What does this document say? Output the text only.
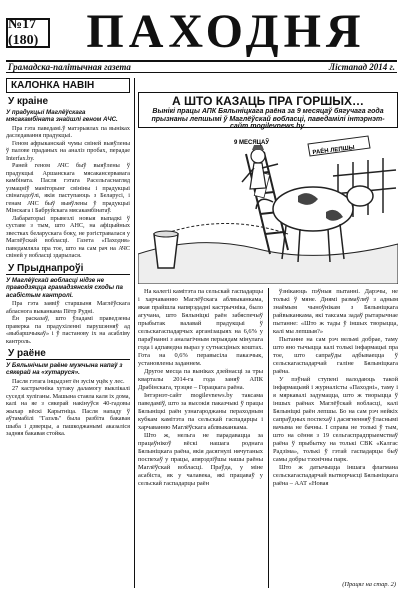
№17 (180)	ПАХОДНЯ
Грамадска-палітычная газета	Лістапад 2014 г.
КАЛОНКА НАВІН
У краіне
У прадукцыі Маглёўскага мясакамбіната знайшлі геном АЧС.

Пра гэта паведамі.ў матэрыялах па выніках даследавання прадукцыі.

Геном афрыканскай чумы свіней выяўлены ў палове праданых на аналіз пробах, перадае Interfax.by.

Раней геном АЧС быў выяўлены ў прадукцыі Аршанскага мясакансервавага камбіната. Пасля гэтага Расельгаснагляд узмацніў маніторынг свініны і прадукцыі свінагадоўлі, якія паступаюць з Беларусі, і генам АЧС быў выяўлены ў прадукцыі Мінскага і Бабруйскага мясакамбінатаў.

Лабараторыі прывезлі новыя выпадкі ў суставе з тым, што АНС, на афіцыйных звестках беларускага боку, не рэгістравалася у Маглёўскай вобласці. Газета «Паходня» паведамляла пра тое, што на сам рач на АЧС свіней у вобласці здарылася.

У Прыднапроўі
У Маглёўскай вобласці нідзе не праводзяцца грамадзянскія сходы па асабістым кантролі.

Пра гэта заявіў старшыня Маглёўскага абласнога выканкама Пётр Рудні.

Ён расказаў, што ўладамі праведзены праверка па прадухіленні парушэнняў ад «выбаршчыкаў» і ў пастанову іх на асабліву кантроль.

У раёне
У Бялынічым раёне мужчына напаў з сякерай на «хутаруся».

Пасля гэтага інцыдэнт ён зусім уцёк у лес.

27 кастрычніка хутаку даламогу выклікалі суседзі хуліганы. Машына стаяла каля іх дома, калі на яе з сякерай накінуўся 40-гадовы жыхар вёскі Карытніца. Пасля нападу ў аўтамабілі "Газэль" была разбіта бакавая шыба і дзверцы, а пашкоджанымі аказаліся задняя бакавая стойка.

РАЁН ЛЕПШЫ
9 МЕСЯЦАЎ
А ШТО КАЗАЦЬ ПРА ГОРШЫХ…
Вынікі працы АПК Бялыніцкага раёна за 9 месяцаў бягучага года прызнаны лепшымі ў Маглёўскай вобласці, паведамілі інтэрнэт-сайт mogilevnews.by.

На калегіі камітэта па сельскай гаспадарцы і харчаванню Маглёўскага аблвыканкама, якая прайшла напярэдадні кастрычніка, было агучана, што Бялыніцкі раён забяспечыў прыбытак валавай прадукцыі ў сельскагаспадарчых арганізацыях на 6,6% у параўнанні з аналагічным перыядам мінулага года і адпаведна выраз у сутнасціных коштах. Гота на 0,6% перавысіла паказчык, установлены заданнем.

Другое месца па выніках дзейнасці за тры кварталы 2014-га года заняў АПК Драбінскага, трэцяе – Горацкага раёна.

Інтэрнэт-сайт mogilevnews.by таксама паведаміў, што за высокія паказчыкі ў працы Бялыніцкі раён узнагароджаны пераходным кубкам камітэта па сельскай гаспадарцы і харчаванню Маглёўскага аблвыканкама.

Што ж, нельга не парадавацца за працаўнікоў вёскі нашага роднага Бялыніцкага раёна, якія дасягнулі нячутаных поспехаў у працы, апярэдзіўшы нашы раёны Маглёўскай вобласці. Праўда, у міне асабіста, як у чалавека, які працаваў у сельскай гаспадарцы раён

ўзнікаюць пэўныя пытанні. Дарэчы, не толькі ў мяне. Днямі размаўляў з адным знаёмым чыноўнікам з Бялыніцкага райвыканкама, які таксама задаў рытарычнае пытанне: «Што ж тады ў іншых творыцца, калі мы лепшыя?»

Пытанне на сам рэч вельмі добрае, таму што яно тычыцца калі толькі інфармацыі пра тое, што сапраўды адбываецца ў сельскагаспадарчай галіне Бялыніцкага раёна.

У пэўнай ступені валодаюць такой інфармацыяй і журналісты «Паходні», таму і я мяркавалі задумацца, што ж творыцца ў іншых раёнах Маглёўскай вобласці, калі Бялыніцкі раён лепшы. Бо на сам рэч нейкіх сапраўдных поспехаў і дасягненняў ўласнымі вачыма не бачны. І справа не толькі ў тым, што на сёння з 19 сельгаспрадпрыемстваў раёна ў прыбытку на толькі СВК «Калгас Радзіма», толькі ў гэтай гаспадарцы быў самы добры тэхнічны парк.

Што ж датычыцца іншага флагмана сельскагаспадарчай вытворчасці Бялыніцкага раёна – ААТ «Новая

(Працяг на стар. 2)
